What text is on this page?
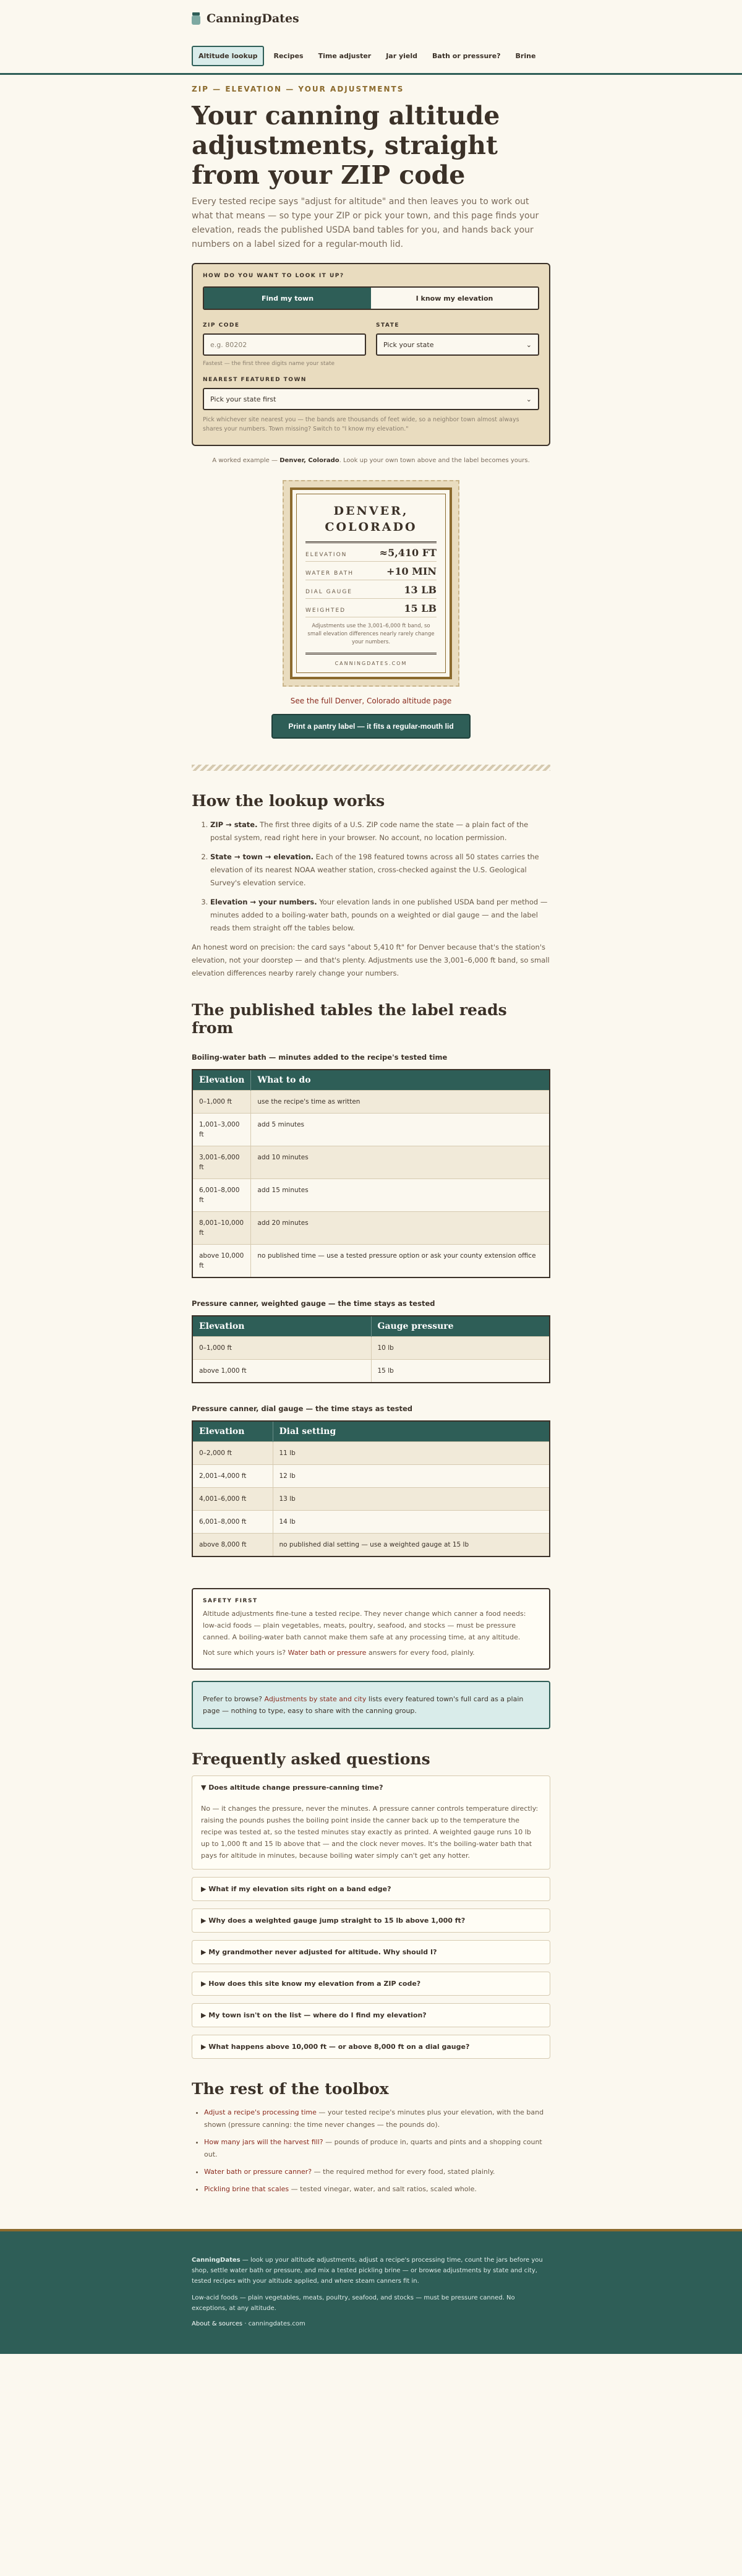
CanningDates
Altitude lookup	Recipes	Time adjuster	Jar yield	Bath or pressure?	Brine
ZIP — ELEVATION — YOUR ADJUSTMENTS
Your canning altitude adjustments, straight from your ZIP code

Every tested recipe says "adjust for altitude" and then leaves you to work out what that means — so type your ZIP or pick your town, and this page finds your elevation, reads the published USDA band tables for you, and hands back your numbers on a label sized for a regular-mouth lid.

HOW DO YOU WANT TO LOOK IT UP?
Find my town	I know my elevation
ZIP CODE
e.g. 80202
Fastest — the first three digits name your state
STATE
Pick your state	⌄
NEAREST FEATURED TOWN
Pick your state first	⌄

Pick whichever site nearest you — the bands are thousands of feet wide, so a neighbor town almost always shares your numbers. Town missing? Switch to "I know my elevation."

A worked example — Denver, Colorado. Look up your own town above and the label becomes yours.

DENVER, COLORADO
ELEVATION	≈5,410 FT
WATER BATH	+10 MIN
DIAL GAUGE	13 LB
WEIGHTED	15 LB

Adjustments use the 3,001–6,000 ft band, so small elevation differences nearly rarely change your numbers.

CANNINGDATES.COM
See the full Denver, Colorado altitude page
Print a pantry label — it fits a regular-mouth lid
How the lookup works
1. ZIP → state. The first three digits of a U.S. ZIP code name the state — a plain fact of the postal system, read right here in your browser. No account, no location permission.
2. State → town → elevation. Each of the 198 featured towns across all 50 states carries the elevation of its nearest NOAA weather station, cross-checked against the U.S. Geological Survey's elevation service.
3. Elevation → your numbers. Your elevation lands in one published USDA band per method — minutes added to a boiling-water bath, pounds on a weighted or dial gauge — and the label reads them straight off the tables below.

An honest word on precision: the card says "about 5,410 ft" for Denver because that's the station's elevation, not your doorstep — and that's plenty. Adjustments use the 3,001–6,000 ft band, so small elevation differences nearby rarely change your numbers.

The published tables the label reads from
Boiling-water bath — minutes added to the recipe's tested time
Elevation	What to do
0–1,000 ft	use the recipe's time as written
1,001–3,000 ft	add 5 minutes
3,001–6,000 ft	add 10 minutes
6,001–8,000 ft	add 15 minutes
8,001–10,000 ft	add 20 minutes
above 10,000 ft	no published time — use a tested pressure option or ask your county extension office
Pressure canner, weighted gauge — the time stays as tested
Elevation	Gauge pressure
0–1,000 ft	10 lb
above 1,000 ft	15 lb
Pressure canner, dial gauge — the time stays as tested
Elevation	Dial setting
0–2,000 ft	11 lb
2,001–4,000 ft	12 lb
4,001–6,000 ft	13 lb
6,001–8,000 ft	14 lb
above 8,000 ft	no published dial setting — use a weighted gauge at 15 lb
SAFETY FIRST

Altitude adjustments fine-tune a tested recipe. They never change which canner a food needs: low-acid foods — plain vegetables, meats, poultry, seafood, and stocks — must be pressure canned. A boiling-water bath cannot make them safe at any processing time, at any altitude.

Not sure which yours is? Water bath or pressure answers for every food, plainly.

Prefer to browse? Adjustments by state and city lists every featured town's full card as a plain page — nothing to type, easy to share with the canning group.
Frequently asked questions
▼ Does altitude change pressure-canning time?

No — it changes the pressure, never the minutes. A pressure canner controls temperature directly: raising the pounds pushes the boiling point inside the canner back up to the temperature the recipe was tested at, so the tested minutes stay exactly as printed. A weighted gauge runs 10 lb up to 1,000 ft and 15 lb above that — and the clock never moves. It's the boiling-water bath that pays for altitude in minutes, because boiling water simply can't get any hotter.

▶ What if my elevation sits right on a band edge?
▶ Why does a weighted gauge jump straight to 15 lb above 1,000 ft?
▶ My grandmother never adjusted for altitude. Why should I?
▶ How does this site know my elevation from a ZIP code?
▶ My town isn't on the list — where do I find my elevation?
▶ What happens above 10,000 ft — or above 8,000 ft on a dial gauge?
The rest of the toolbox
• Adjust a recipe's processing time — your tested recipe's minutes plus your elevation, with the band shown (pressure canning: the time never changes — the pounds do).
• How many jars will the harvest fill? — pounds of produce in, quarts and pints and a shopping count out.
• Water bath or pressure canner? — the required method for every food, stated plainly.
• Pickling brine that scales — tested vinegar, water, and salt ratios, scaled whole.

CanningDates — look up your altitude adjustments, adjust a recipe's processing time, count the jars before you shop, settle water bath or pressure, and mix a tested pickling brine — or browse adjustments by state and city, tested recipes with your altitude applied, and where steam canners fit in.

Low-acid foods — plain vegetables, meats, poultry, seafood, and stocks — must be pressure canned. No exceptions, at any altitude.

About & sources · canningdates.com
